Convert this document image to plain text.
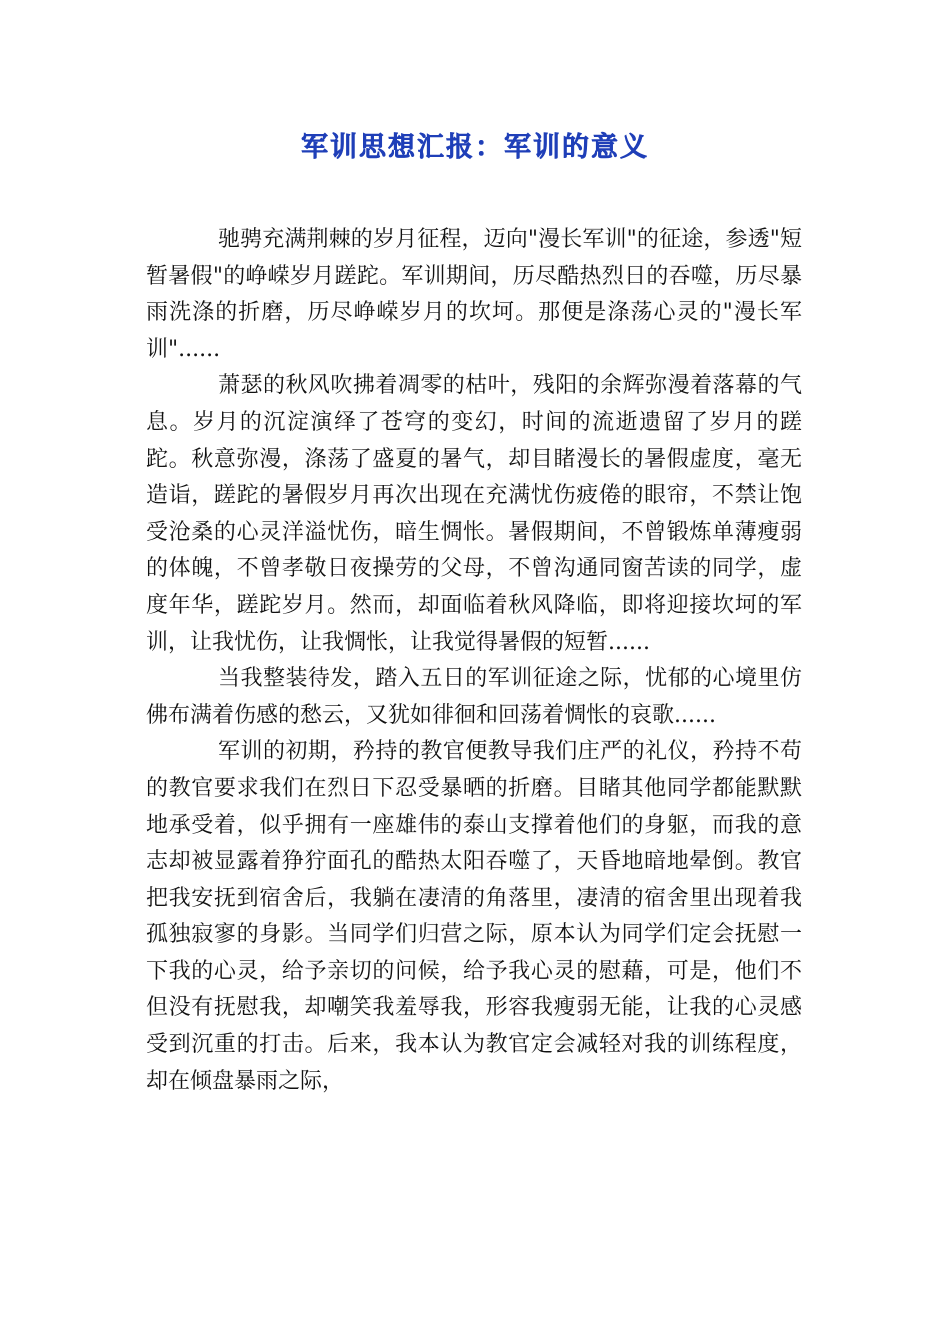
军训思想汇报：军训的意义

驰骋充满荆棘的岁月征程，迈向"漫长军训"的征途，参透"短暂暑假"的峥嵘岁月蹉跎。军训期间，历尽酷热烈日的吞噬，历尽暴雨洗涤的折磨，历尽峥嵘岁月的坎坷。那便是涤荡心灵的"漫长军训"......

萧瑟的秋风吹拂着凋零的枯叶，残阳的余辉弥漫着落幕的气息。岁月的沉淀演绎了苍穹的变幻，时间的流逝遗留了岁月的蹉跎。秋意弥漫，涤荡了盛夏的暑气，却目睹漫长的暑假虚度，毫无造诣，蹉跎的暑假岁月再次出现在充满忧伤疲倦的眼帘，不禁让饱受沧桑的心灵洋溢忧伤，暗生惆怅。暑假期间，不曾锻炼单薄瘦弱的体魄，不曾孝敬日夜操劳的父母，不曾沟通同窗苦读的同学，虚度年华，蹉跎岁月。然而，却面临着秋风降临，即将迎接坎坷的军训，让我忧伤，让我惆怅，让我觉得暑假的短暂......

当我整装待发，踏入五日的军训征途之际，忧郁的心境里仿佛布满着伤感的愁云，又犹如徘徊和回荡着惆怅的哀歌......

军训的初期，矜持的教官便教导我们庄严的礼仪，矜持不苟的教官要求我们在烈日下忍受暴晒的折磨。目睹其他同学都能默默地承受着，似乎拥有一座雄伟的泰山支撑着他们的身躯，而我的意志却被显露着狰狞面孔的酷热太阳吞噬了，天昏地暗地晕倒。教官把我安抚到宿舍后，我躺在凄清的角落里，凄清的宿舍里出现着我孤独寂寥的身影。当同学们归营之际，原本认为同学们定会抚慰一下我的心灵，给予亲切的问候，给予我心灵的慰藉，可是，他们不但没有抚慰我，却嘲笑我羞辱我，形容我瘦弱无能，让我的心灵感受到沉重的打击。后来，我本认为教官定会减轻对我的训练程度，却在倾盘暴雨之际，
